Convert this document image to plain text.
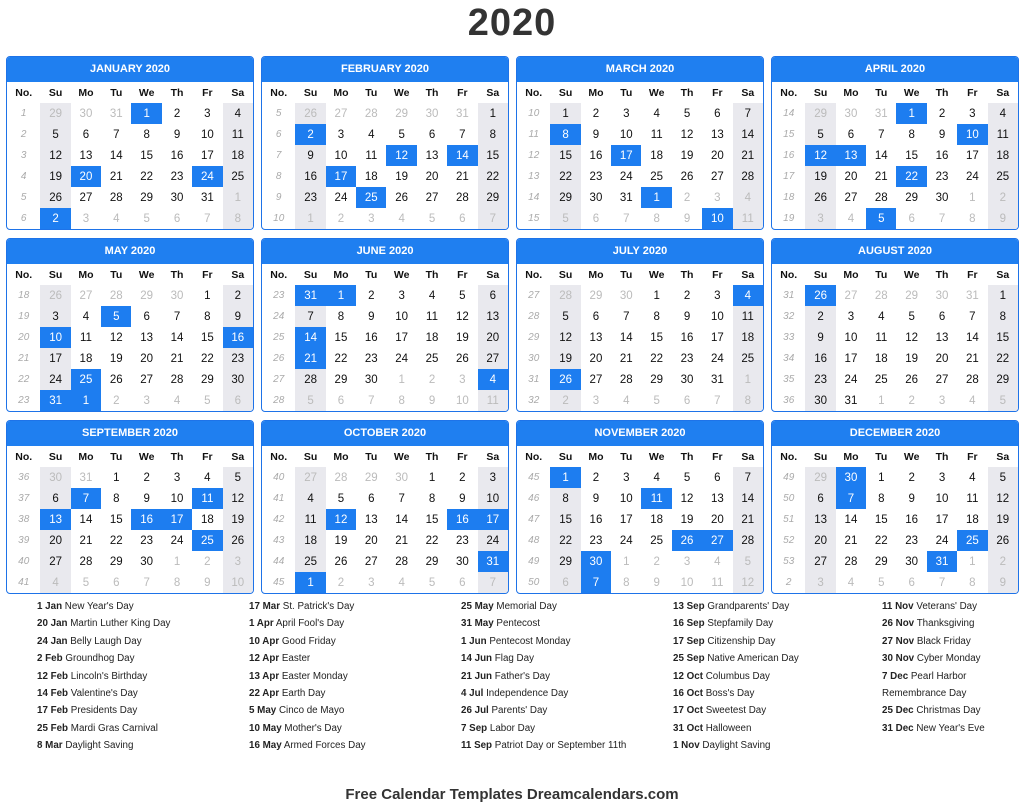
2020
JANUARY 2020
No.	Su	Mo	Tu	We	Th	Fr	Sa
1	29	30	31	1	2	3	4
2	5	6	7	8	9	10	11
3	12	13	14	15	16	17	18
4	19	20	21	22	23	24	25
5	26	27	28	29	30	31	1
6	2	3	4	5	6	7	8
FEBRUARY 2020
No.	Su	Mo	Tu	We	Th	Fr	Sa
5	26	27	28	29	30	31	1
6	2	3	4	5	6	7	8
7	9	10	11	12	13	14	15
8	16	17	18	19	20	21	22
9	23	24	25	26	27	28	29
10	1	2	3	4	5	6	7
MARCH 2020
No.	Su	Mo	Tu	We	Th	Fr	Sa
10	1	2	3	4	5	6	7
11	8	9	10	11	12	13	14
12	15	16	17	18	19	20	21
13	22	23	24	25	26	27	28
14	29	30	31	1	2	3	4
15	5	6	7	8	9	10	11
APRIL 2020
No.	Su	Mo	Tu	We	Th	Fr	Sa
14	29	30	31	1	2	3	4
15	5	6	7	8	9	10	11
16	12	13	14	15	16	17	18
17	19	20	21	22	23	24	25
18	26	27	28	29	30	1	2
19	3	4	5	6	7	8	9
MAY 2020
No.	Su	Mo	Tu	We	Th	Fr	Sa
18	26	27	28	29	30	1	2
19	3	4	5	6	7	8	9
20	10	11	12	13	14	15	16
21	17	18	19	20	21	22	23
22	24	25	26	27	28	29	30
23	31	1	2	3	4	5	6
JUNE 2020
No.	Su	Mo	Tu	We	Th	Fr	Sa
23	31	1	2	3	4	5	6
24	7	8	9	10	11	12	13
25	14	15	16	17	18	19	20
26	21	22	23	24	25	26	27
27	28	29	30	1	2	3	4
28	5	6	7	8	9	10	11
JULY 2020
No.	Su	Mo	Tu	We	Th	Fr	Sa
27	28	29	30	1	2	3	4
28	5	6	7	8	9	10	11
29	12	13	14	15	16	17	18
30	19	20	21	22	23	24	25
31	26	27	28	29	30	31	1
32	2	3	4	5	6	7	8
AUGUST 2020
No.	Su	Mo	Tu	We	Th	Fr	Sa
31	26	27	28	29	30	31	1
32	2	3	4	5	6	7	8
33	9	10	11	12	13	14	15
34	16	17	18	19	20	21	22
35	23	24	25	26	27	28	29
36	30	31	1	2	3	4	5
SEPTEMBER 2020
No.	Su	Mo	Tu	We	Th	Fr	Sa
36	30	31	1	2	3	4	5
37	6	7	8	9	10	11	12
38	13	14	15	16	17	18	19
39	20	21	22	23	24	25	26
40	27	28	29	30	1	2	3
41	4	5	6	7	8	9	10
OCTOBER 2020
No.	Su	Mo	Tu	We	Th	Fr	Sa
40	27	28	29	30	1	2	3
41	4	5	6	7	8	9	10
42	11	12	13	14	15	16	17
43	18	19	20	21	22	23	24
44	25	26	27	28	29	30	31
45	1	2	3	4	5	6	7
NOVEMBER 2020
No.	Su	Mo	Tu	We	Th	Fr	Sa
45	1	2	3	4	5	6	7
46	8	9	10	11	12	13	14
47	15	16	17	18	19	20	21
48	22	23	24	25	26	27	28
49	29	30	1	2	3	4	5
50	6	7	8	9	10	11	12
DECEMBER 2020
No.	Su	Mo	Tu	We	Th	Fr	Sa
49	29	30	1	2	3	4	5
50	6	7	8	9	10	11	12
51	13	14	15	16	17	18	19
52	20	21	22	23	24	25	26
53	27	28	29	30	31	1	2
2	3	4	5	6	7	8	9
1 Jan New Year's Day
20 Jan Martin Luther King Day
24 Jan Belly Laugh Day
2 Feb Groundhog Day
12 Feb Lincoln's Birthday
14 Feb Valentine's Day
17 Feb Presidents Day
25 Feb Mardi Gras Carnival
8 Mar Daylight Saving
17 Mar St. Patrick's Day
1 Apr April Fool's Day
10 Apr Good Friday
12 Apr Easter
13 Apr Easter Monday
22 Apr Earth Day
5 May Cinco de Mayo
10 May Mother's Day
16 May Armed Forces Day
25 May Memorial Day
31 May Pentecost
1 Jun Pentecost Monday
14 Jun Flag Day
21 Jun Father's Day
4 Jul Independence Day
26 Jul Parents' Day
7 Sep Labor Day
11 Sep Patriot Day or September 11th
13 Sep Grandparents' Day
16 Sep Stepfamily Day
17 Sep Citizenship Day
25 Sep Native American Day
12 Oct Columbus Day
16 Oct Boss's Day
17 Oct Sweetest Day
31 Oct Halloween
1 Nov Daylight Saving
11 Nov Veterans' Day
26 Nov Thanksgiving
27 Nov Black Friday
30 Nov Cyber Monday
7 Dec Pearl Harbor Remembrance Day
25 Dec Christmas Day
31 Dec New Year's Eve
Free Calendar Templates Dreamcalendars.com
